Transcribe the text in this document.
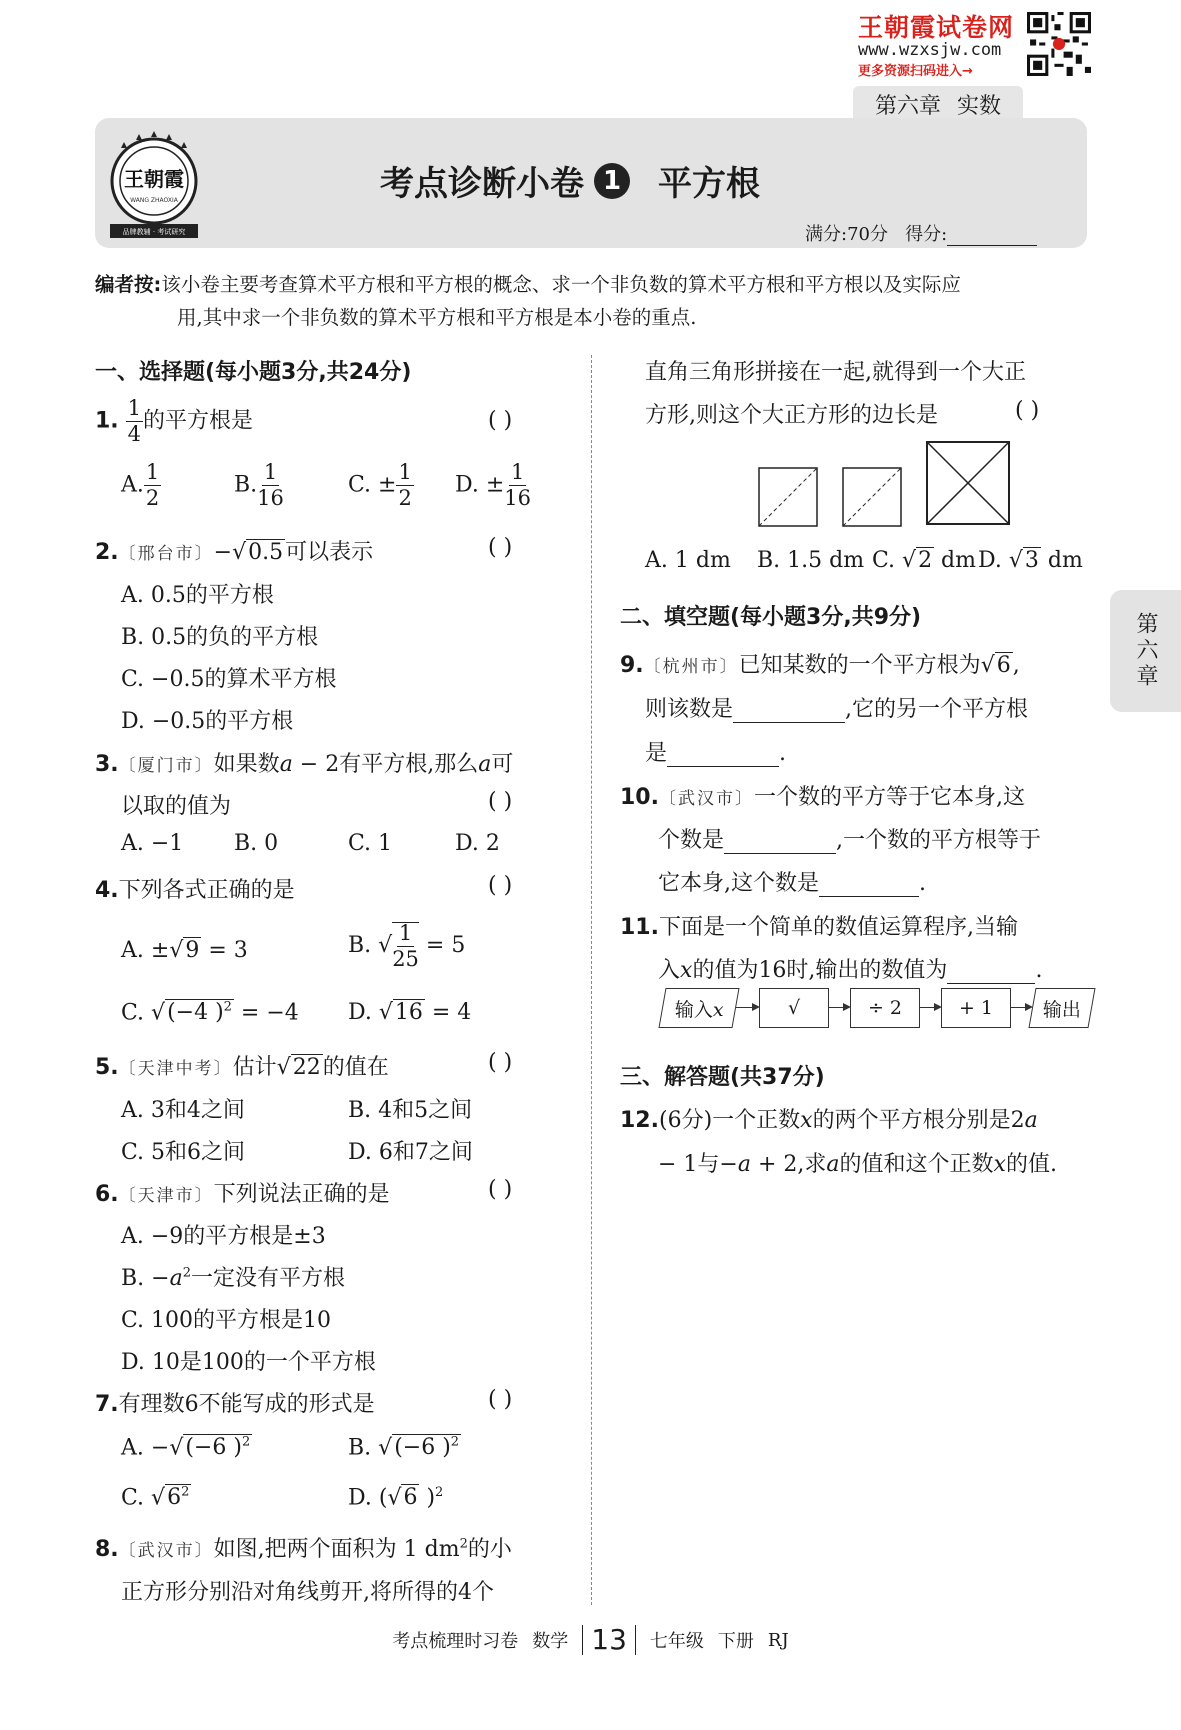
王朝霞试卷网
www.wzxsjw.com
更多资源扫码进入→
第六章 实数
王朝霞
WANG ZHAOXIA
品牌教辅 · 考试研究
考点诊断小卷 1 平方根
满分:70分 得分:
编者按:该小卷主要考查算术平方根和平方根的概念、求一个非负数的算术平方根和平方根以及实际应
用,其中求一个非负数的算术平方根和平方根是本小卷的重点.
一、选择题(每小题3分,共24分)
1. $\frac{1}{4}$ 的平方根是	( )
A. $\frac{1}{2}$	B. $\frac{1}{16}$	C. ± $\frac{1}{2} D$. ± $\frac{1}{16}$
2.〔邢台市〕−√0.5可以表示	( )
A. 0.5的平方根
B. 0.5的负的平方根
C. −0.5的算术平方根
D. −0.5的平方根
3.〔厦门市〕如果数a − 2有平方根,那么a可
以取的值为	( )
A. −1 B. 0	C. 1	D. 2
4.下列各式正确的是	( )
A. ±√9 = 3	B. √ $\frac{1}{25} = 5$
C. √(−4 )$^2$ = −4 D. √16 = 4
5.〔天津中考〕估计√22的值在	( )
A. 3和4之间	B. 4和5之间
C. 5和6之间	D. 6和7之间
6.〔天津市〕下列说法正确的是	( )
A. −9的平方根是±3
B. $-a^2$一定没有平方根
C. 100的平方根是10
D. 10是100的一个平方根
7.有理数6不能写成的形式是	( )
A. −√(−6 )$^2$	B. √(−6 )$^2$
C. $√6^2$	D. (√6 )$^2$
8.〔武汉市〕如图,把两个面积为 1 $dm^2$的小
正方形分别沿对角线剪开,将所得的4个
直角三角形拼接在一起,就得到一个大正
方形,则这个大正方形的边长是	( )
A. 1 dm B. 1.5 dm C. √2 dm D. √3 dm
二、填空题(每小题3分,共9分)
9.〔杭州市〕已知某数的一个平方根为√6,
则该数是	,它的另一个平方根
是	.
10.〔武汉市〕一个数的平方等于它本身,这
个数是	,一个数的平方根等于
它本身,这个数是	.
11.下面是一个简单的数值运算程序,当输
入x的值为16时,输出的数值为	.
输入x	√	÷ 2	+ 1	输出
三、解答题(共37分)
12.(6分)一个正数x的两个平方根分别是2a
− 1与−a + 2,求a的值和这个正数x的值.
第六章
考点梳理时习卷 数学 13	七年级 下册 RJ
